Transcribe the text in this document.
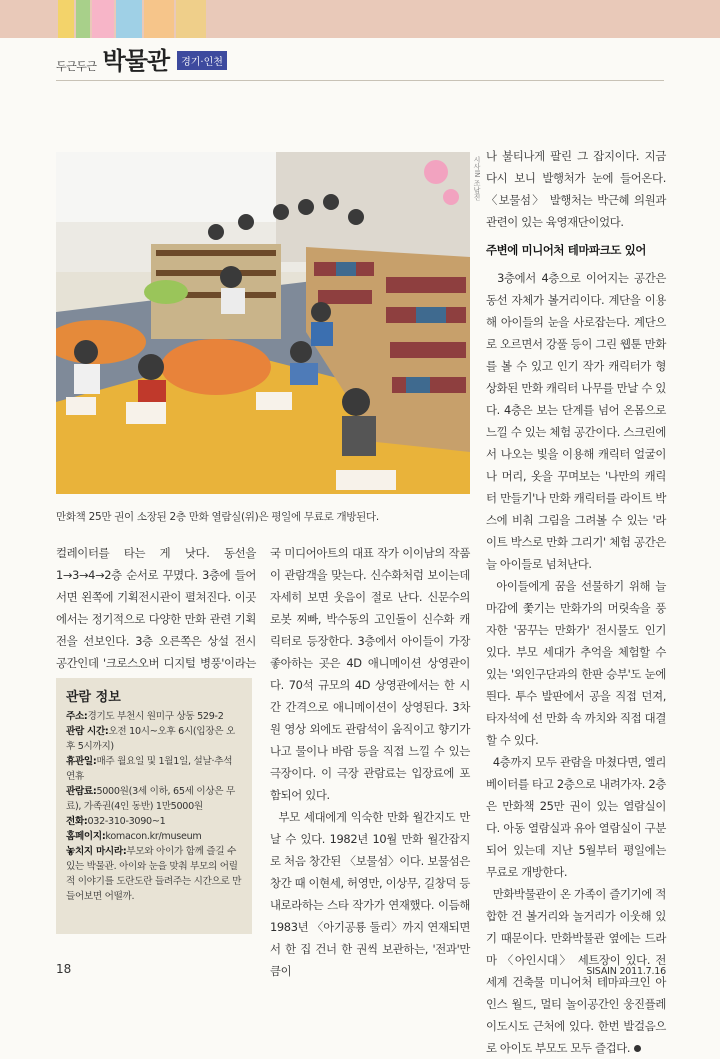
두근두근 박물관	경기·인천
시사IN 조남진
만화책 25만 권이 소장된 2층 만화 열람실(위)은 평일에 무료로 개방된다.

컬레이터를 타는 게 낫다. 동선을 1→3→4→2층 순서로 꾸몄다. 3층에 들어서면 왼쪽에 기획전시관이 펼쳐진다. 이곳에서는 정기적으로 다양한 만화 관련 기획전을 선보인다. 3층 오른쪽은 상설 전시 공간인데 '크로스오버 디지털 병풍'이라는

관람 정보
주소:경기도 부천시 원미구 상동 529-2
관람 시간:오전 10시~오후 6시(입장은 오후 5시까지)
휴관일:매주 월요일 및 1월1일, 설날·추석 연휴
관람료:5000원(3세 이하, 65세 이상은 무료), 가족권(4인 동반) 1만5000원
전화:032-310-3090~1
홈페이지:komacon.kr/museum
놓치지 마시라:부모와 아이가 함께 즐길 수 있는 박물관. 아이와 눈을 맞춰 부모의 어릴 적 이야기를 도란도란 들려주는 시간으로 만들어보면 어떨까.

국 미디어아트의 대표 작가 이이남의 작품이 관람객을 맞는다. 신수화처럼 보이는데 자세히 보면 웃음이 절로 난다. 신문수의 로봇 찌빠, 박수동의 고인돌이 신수화 캐릭터로 등장한다. 3층에서 아이들이 가장 좋아하는 곳은 4D 애니메이션 상영관이다. 70석 규모의 4D 상영관에서는 한 시간 간격으로 애니메이션이 상영된다. 3차원 영상 외에도 관람석이 움직이고 향기가 나고 물이나 바람 등을 직접 느낄 수 있는 극장이다. 이 극장 관람료는 입장료에 포함되어 있다.

부모 세대에게 익숙한 만화 월간지도 만날 수 있다. 1982년 10월 만화 월간잡지로 처음 창간된 〈보물섬〉이다. 보물섬은 창간 때 이현세, 허영만, 이상무, 길창덕 등 내로라하는 스타 작가가 연재했다. 이듬해 1983년 〈아기공룡 둘리〉까지 연재되면서 한 집 건너 한 권씩 보관하는, '전과'만큼이

나 불티나게 팔린 그 잡지이다. 지금 다시 보니 발행처가 눈에 들어온다. 〈보물섬〉 발행처는 박근혜 의원과 관련이 있는 육영재단이었다.

주변에 미니어처 테마파크도 있어

3층에서 4층으로 이어지는 공간은 동선 자체가 볼거리이다. 계단을 이용해 아이들의 눈을 사로잡는다. 계단으로 오르면서 강풀 등이 그린 웹툰 만화를 볼 수 있고 인기 작가 캐릭터가 형상화된 만화 캐릭터 나무를 만날 수 있다. 4층은 보는 단계를 넘어 온몸으로 느낄 수 있는 체험 공간이다. 스크린에서 나오는 빛을 이용해 캐릭터 얼굴이나 머리, 옷을 꾸며보는 '나만의 캐릭터 만들기'나 만화 캐릭터를 라이트 박스에 비춰 그림을 그려볼 수 있는 '라이트 박스로 만화 그리기' 체험 공간은 늘 아이들로 넘쳐난다.

아이들에게 꿈을 선물하기 위해 늘 마감에 쫓기는 만화가의 머릿속을 풍자한 '꿈꾸는 만화가' 전시물도 인기 있다. 부모 세대가 추억을 체험할 수 있는 '외인구단과의 한판 승부'도 눈에 띈다. 투수 발판에서 공을 직접 던져, 타자석에 선 만화 속 까치와 직접 대결할 수 있다.

4층까지 모두 관람을 마쳤다면, 엘리베이터를 타고 2층으로 내려가자. 2층은 만화책 25만 권이 있는 열람실이다. 아동 열람실과 유아 열람실이 구분되어 있는데 지난 5월부터 평일에는 무료로 개방한다.

만화박물관이 온 가족이 즐기기에 적합한 건 볼거리와 놀거리가 이웃해 있기 때문이다. 만화박물관 옆에는 드라마 〈아인시대〉 세트장이 있다. 전 세계 건축물 미니어처 테마파크인 아인스 월드, 멀티 놀이공간인 웅진플레이도시도 근처에 있다. 한번 발걸음으로 아이도 부모도 모두 즐겁다.

18	SISAIN 2011.7.16
